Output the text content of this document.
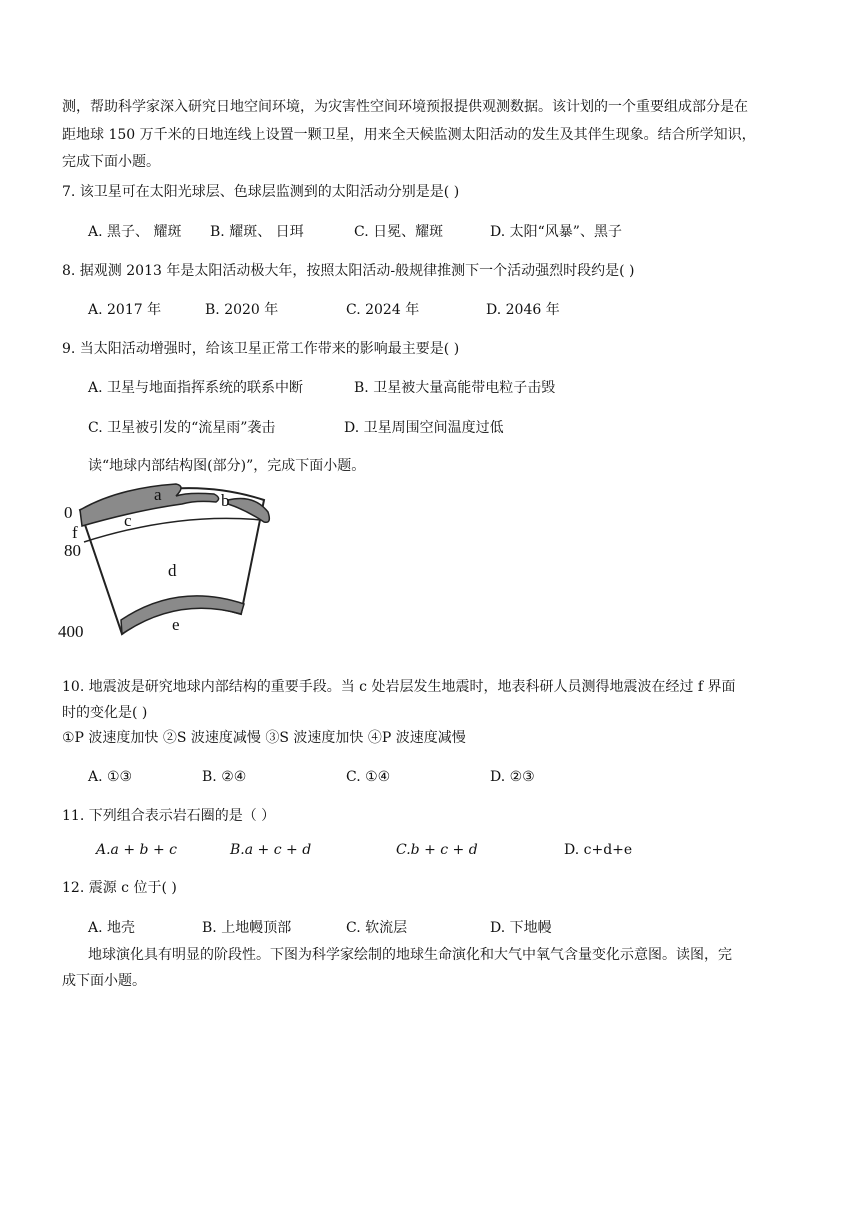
测，帮助科学家深入研究日地空间环境，为灾害性空间环境预报提供观测数据。该计划的一个重要组成部分是在
距地球 150 万千米的日地连线上设置一颗卫星，用来全天候监测太阳活动的发生及其伴生现象。结合所学知识，
完成下面小题。
7. 该卫星可在太阳光球层、色球层监测到的太阳活动分别是是( )
A. 黑子、 耀斑 B. 耀斑、 日珥	C. 日冕、耀斑	D. 太阳“风暴”、黑子
8. 据观测 2013 年是太阳活动极大年，按照太阳活动-般规律推测下一个活动强烈时段约是( )
A. 2017 年	B. 2020 年	C. 2024 年	D. 2046 年
9. 当太阳活动增强时，给该卫星正常工作带来的影响最主要是( )
A. 卫星与地面指挥系统的联系中断	B. 卫星被大量高能带电粒子击毁
C. 卫星被引发的“流星雨”袭击	D. 卫星周围空间温度过低
读“地球内部结构图(部分)”，完成下面小题。
a	b
c
d
e
f
0
80
400
10. 地震波是研究地球内部结构的重要手段。当 c 处岩层发生地震时，地表科研人员测得地震波在经过 f 界面
时的变化是( )
①P 波速度加快 ②S 波速度减慢 ③S 波速度加快 ④P 波速度减慢
A. ①③	B. ②④	C. ①④	D. ②③
11. 下列组合表示岩石圈的是（ ）
A.a + b + c	B.a + c + d	C.b + c + d	D. c+d+e
12. 震源 c 位于( )
A. 地壳	B. 上地幔顶部	C. 软流层	D. 下地幔
地球演化具有明显的阶段性。下图为科学家绘制的地球生命演化和大气中氧气含量变化示意图。读图，完
成下面小题。
